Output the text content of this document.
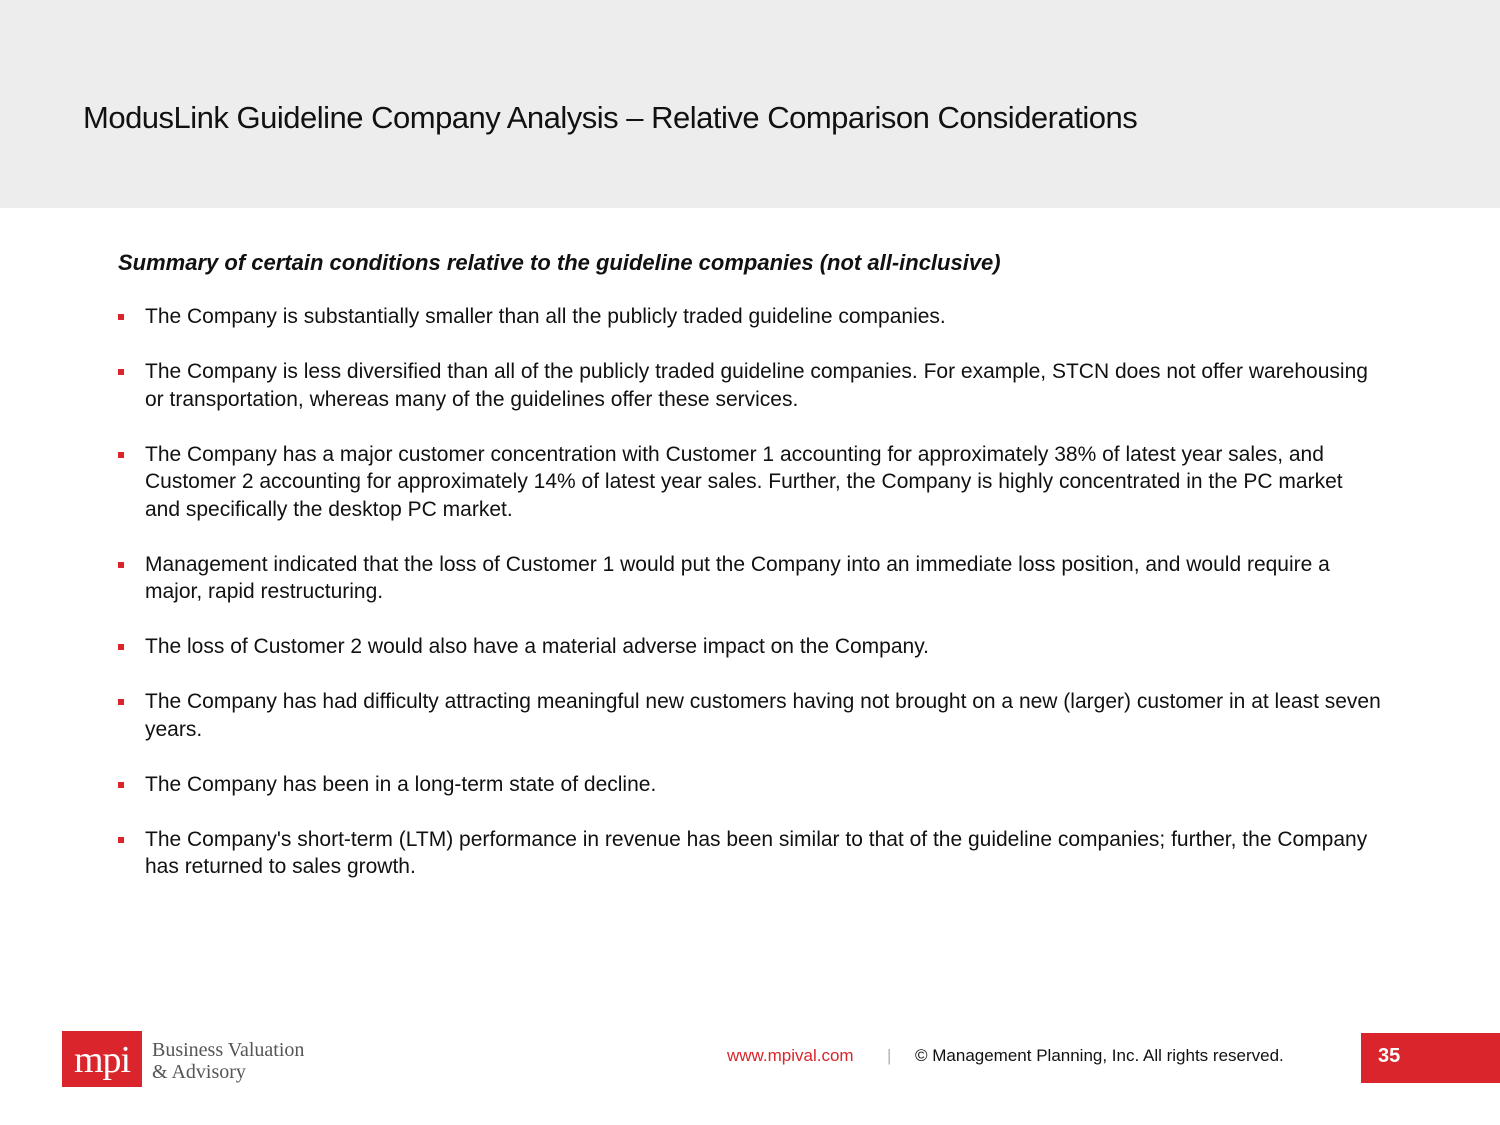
ModusLink Guideline Company Analysis – Relative Comparison Considerations
Summary of certain conditions relative to the guideline companies (not all-inclusive)
The Company is substantially smaller than all the publicly traded guideline companies.
The Company is less diversified than all of the publicly traded guideline companies. For example, STCN does not offer warehousing or transportation, whereas many of the guidelines offer these services.
The Company has a major customer concentration with Customer 1 accounting for approximately 38% of latest year sales, and Customer 2 accounting for approximately 14% of latest year sales. Further, the Company is highly concentrated in the PC market and specifically the desktop PC market.
Management indicated that the loss of Customer 1 would put the Company into an immediate loss position, and would require a major, rapid restructuring.
The loss of Customer 2 would also have a material adverse impact on the Company.
The Company has had difficulty attracting meaningful new customers having not brought on a new (larger) customer in at least seven years.
The Company has been in a long-term state of decline.
The Company's short-term (LTM) performance in revenue has been similar to that of the guideline companies; further, the Company has returned to sales growth.
mpi	Business Valuation
& Advisory
www.mpival.com | © Management Planning, Inc. All rights reserved.	35
